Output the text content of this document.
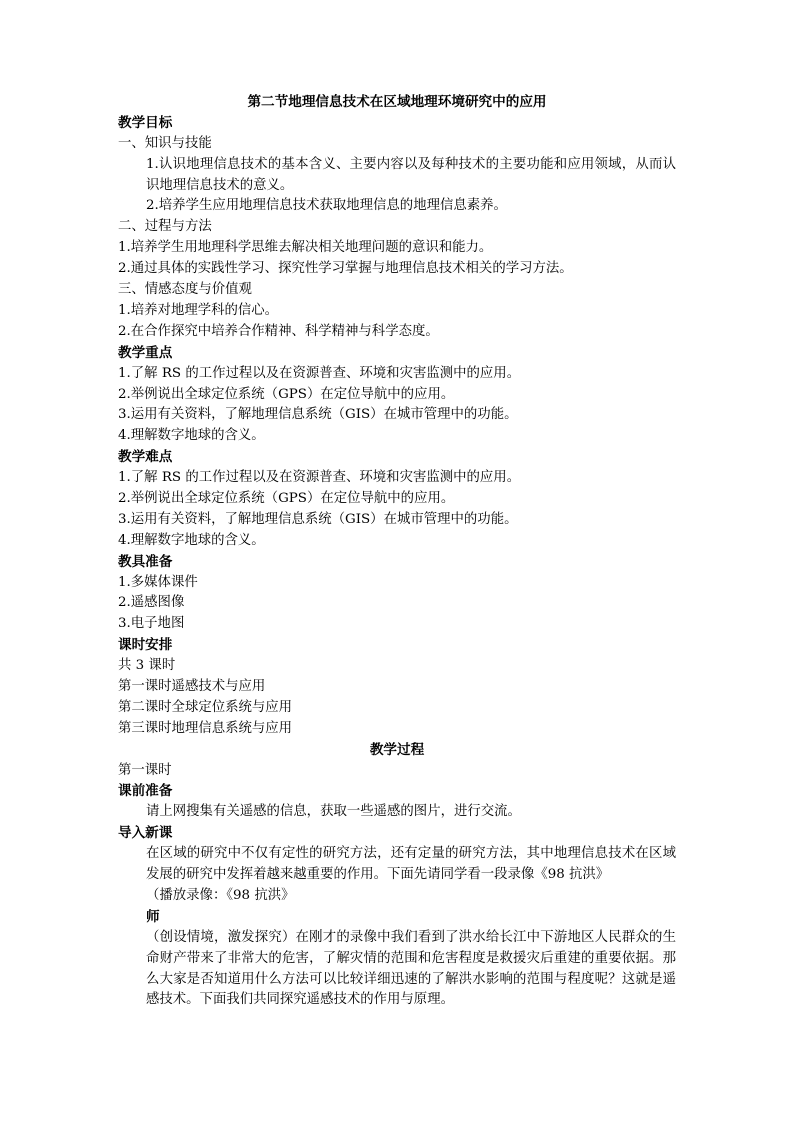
第二节地理信息技术在区域地理环境研究中的应用
教学目标
一、知识与技能
1.认识地理信息技术的基本含义、主要内容以及每种技术的主要功能和应用领域，从而认识地理信息技术的意义。
2.培养学生应用地理信息技术获取地理信息的地理信息素养。
二、过程与方法
1.培养学生用地理科学思维去解决相关地理问题的意识和能力。
2.通过具体的实践性学习、探究性学习掌握与地理信息技术相关的学习方法。
三、情感态度与价值观
1.培养对地理学科的信心。
2.在合作探究中培养合作精神、科学精神与科学态度。
教学重点
1.了解 RS 的工作过程以及在资源普查、环境和灾害监测中的应用。
2.举例说出全球定位系统（GPS）在定位导航中的应用。
3.运用有关资料，了解地理信息系统（GIS）在城市管理中的功能。
4.理解数字地球的含义。
教学难点
1.了解 RS 的工作过程以及在资源普查、环境和灾害监测中的应用。
2.举例说出全球定位系统（GPS）在定位导航中的应用。
3.运用有关资料，了解地理信息系统（GIS）在城市管理中的功能。
4.理解数字地球的含义。
教具准备
1.多媒体课件
2.遥感图像
3.电子地图
课时安排
共 3 课时
第一课时遥感技术与应用
第二课时全球定位系统与应用
第三课时地理信息系统与应用
教学过程
第一课时
课前准备
请上网搜集有关遥感的信息，获取一些遥感的图片，进行交流。
导入新课
在区域的研究中不仅有定性的研究方法，还有定量的研究方法，其中地理信息技术在区域发展的研究中发挥着越来越重要的作用。下面先请同学看一段录像《98 抗洪》
（播放录像：《98 抗洪》
师
（创设情境，激发探究）在刚才的录像中我们看到了洪水给长江中下游地区人民群众的生命财产带来了非常大的危害，了解灾情的范围和危害程度是救援灾后重建的重要依据。那么大家是否知道用什么方法可以比较详细迅速的了解洪水影响的范围与程度呢？这就是遥感技术。下面我们共同探究遥感技术的作用与原理。
